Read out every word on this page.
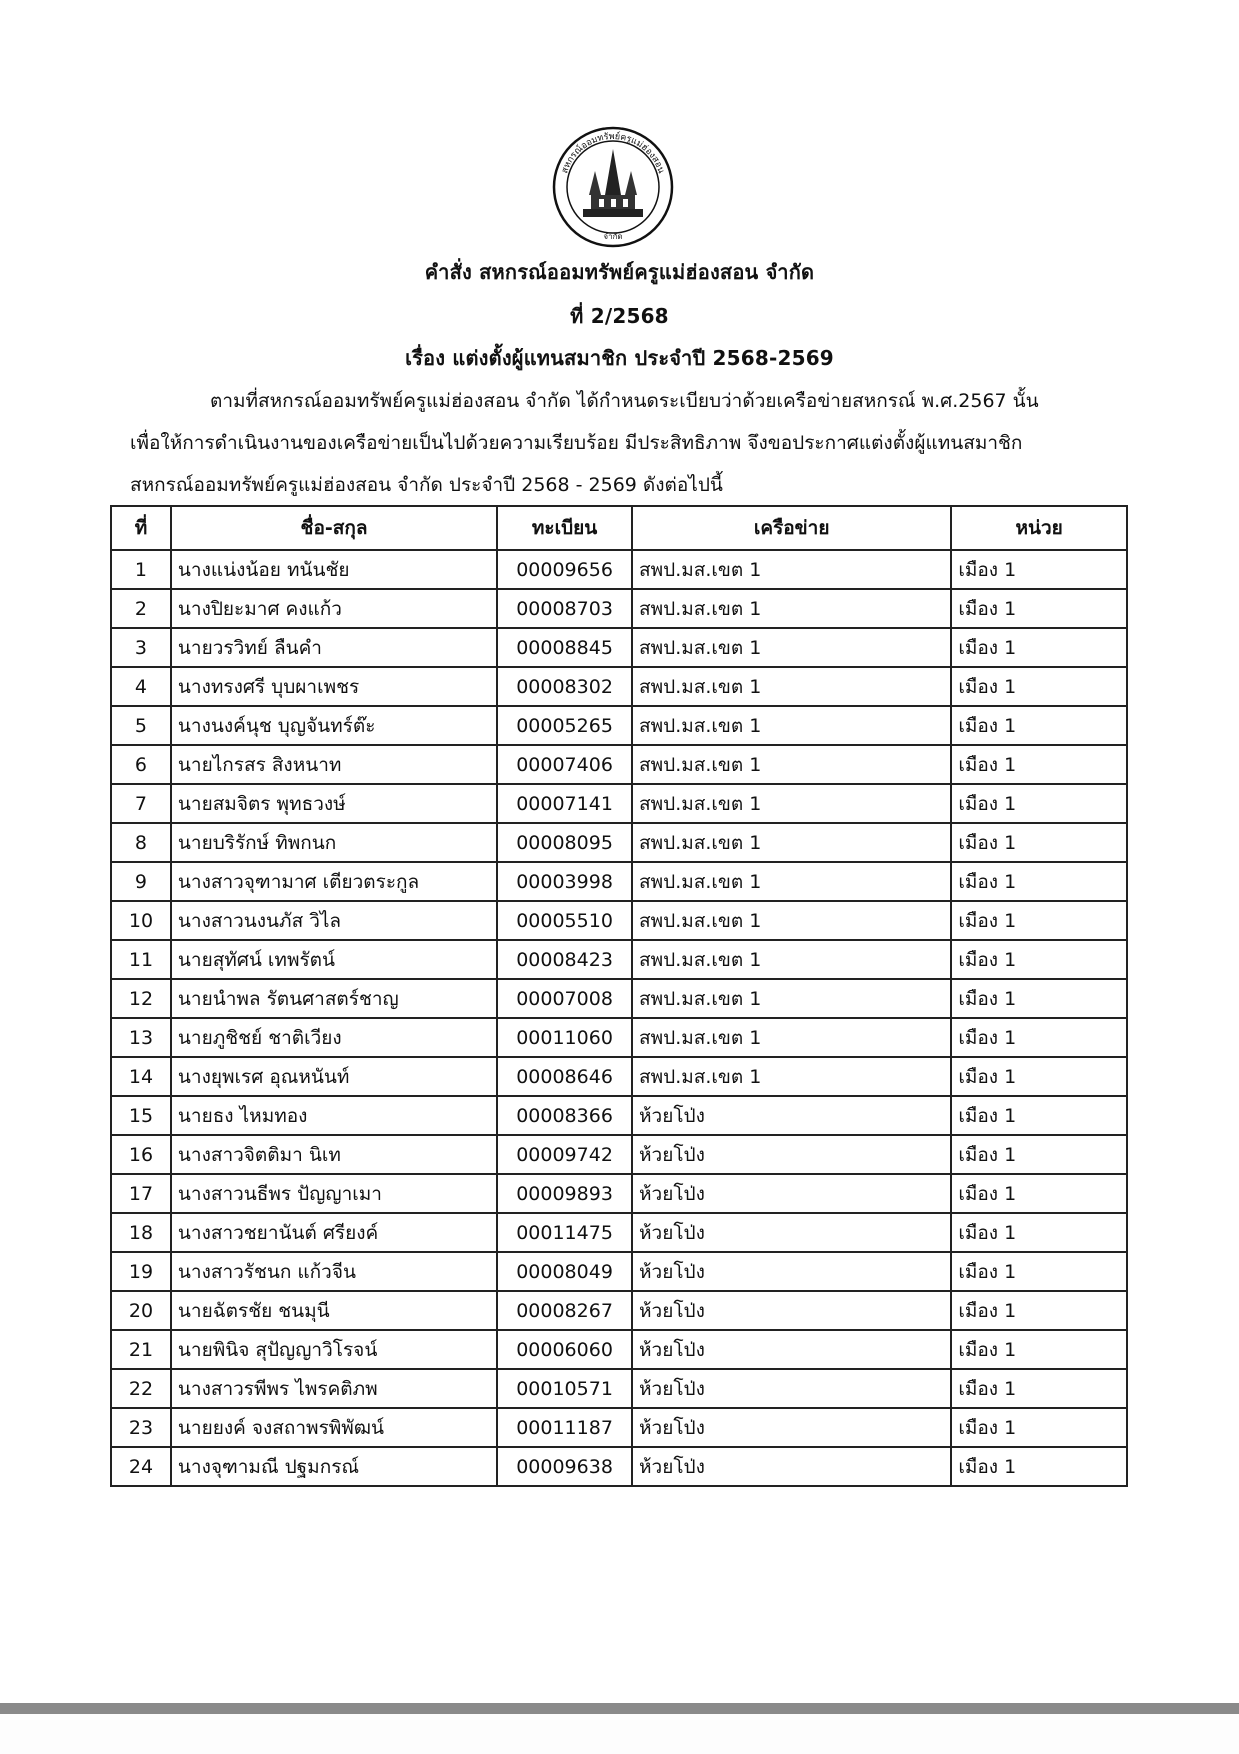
สหกรณ์ออมทรัพย์ครูแม่ฮ่องสอน
จำกัด
คำสั่ง สหกรณ์ออมทรัพย์ครูแม่ฮ่องสอน จำกัด
ที่ 2/2568
เรื่อง แต่งตั้งผู้แทนสมาชิก ประจำปี 2568-2569
ตามที่สหกรณ์ออมทรัพย์ครูแม่ฮ่องสอน จำกัด ได้กำหนดระเบียบว่าด้วยเครือข่ายสหกรณ์ พ.ศ.2567 นั้น
เพื่อให้การดำเนินงานของเครือข่ายเป็นไปด้วยความเรียบร้อย มีประสิทธิภาพ จึงขอประกาศแต่งตั้งผู้แทนสมาชิก
สหกรณ์ออมทรัพย์ครูแม่ฮ่องสอน จำกัด ประจำปี 2568 - 2569 ดังต่อไปนี้
ที่	ชื่อ-สกุล	ทะเบียน	เครือข่าย	หน่วย
1	นางแน่งน้อย ทนันชัย	00009656	สพป.มส.เขต 1	เมือง 1
2	นางปิยะมาศ คงแก้ว	00008703	สพป.มส.เขต 1	เมือง 1
3	นายวรวิทย์ ลืนคำ	00008845	สพป.มส.เขต 1	เมือง 1
4	นางทรงศรี บุบผาเพชร	00008302	สพป.มส.เขต 1	เมือง 1
5	นางนงค์นุช บุญจันทร์ต๊ะ	00005265	สพป.มส.เขต 1	เมือง 1
6	นายไกรสร สิงหนาท	00007406	สพป.มส.เขต 1	เมือง 1
7	นายสมจิตร พุทธวงษ์	00007141	สพป.มส.เขต 1	เมือง 1
8	นายบริรักษ์ ทิพกนก	00008095	สพป.มส.เขต 1	เมือง 1
9	นางสาวจุฑามาศ เตียวตระกูล	00003998	สพป.มส.เขต 1	เมือง 1
10	นางสาวนงนภัส วิไล	00005510	สพป.มส.เขต 1	เมือง 1
11	นายสุทัศน์ เทพรัตน์	00008423	สพป.มส.เขต 1	เมือง 1
12	นายนำพล รัตนศาสตร์ชาญ	00007008	สพป.มส.เขต 1	เมือง 1
13	นายภูชิชย์ ชาติเวียง	00011060	สพป.มส.เขต 1	เมือง 1
14	นางยุพเรศ อุณหนันท์	00008646	สพป.มส.เขต 1	เมือง 1
15	นายธง ไหมทอง	00008366	ห้วยโป่ง	เมือง 1
16	นางสาวจิตติมา นิเท	00009742	ห้วยโป่ง	เมือง 1
17	นางสาวนธีพร ปัญญาเมา	00009893	ห้วยโป่ง	เมือง 1
18	นางสาวชยานันต์ ศรียงค์	00011475	ห้วยโป่ง	เมือง 1
19	นางสาวรัชนก แก้วจีน	00008049	ห้วยโป่ง	เมือง 1
20	นายฉัตรชัย ชนมุนี	00008267	ห้วยโป่ง	เมือง 1
21	นายพินิจ สุปัญญาวิโรจน์	00006060	ห้วยโป่ง	เมือง 1
22	นางสาวรพีพร ไพรคติภพ	00010571	ห้วยโป่ง	เมือง 1
23	นายยงค์ จงสถาพรพิพัฒน์	00011187	ห้วยโป่ง	เมือง 1
24	นางจุฑามณี ปฐมกรณ์	00009638	ห้วยโป่ง	เมือง 1
